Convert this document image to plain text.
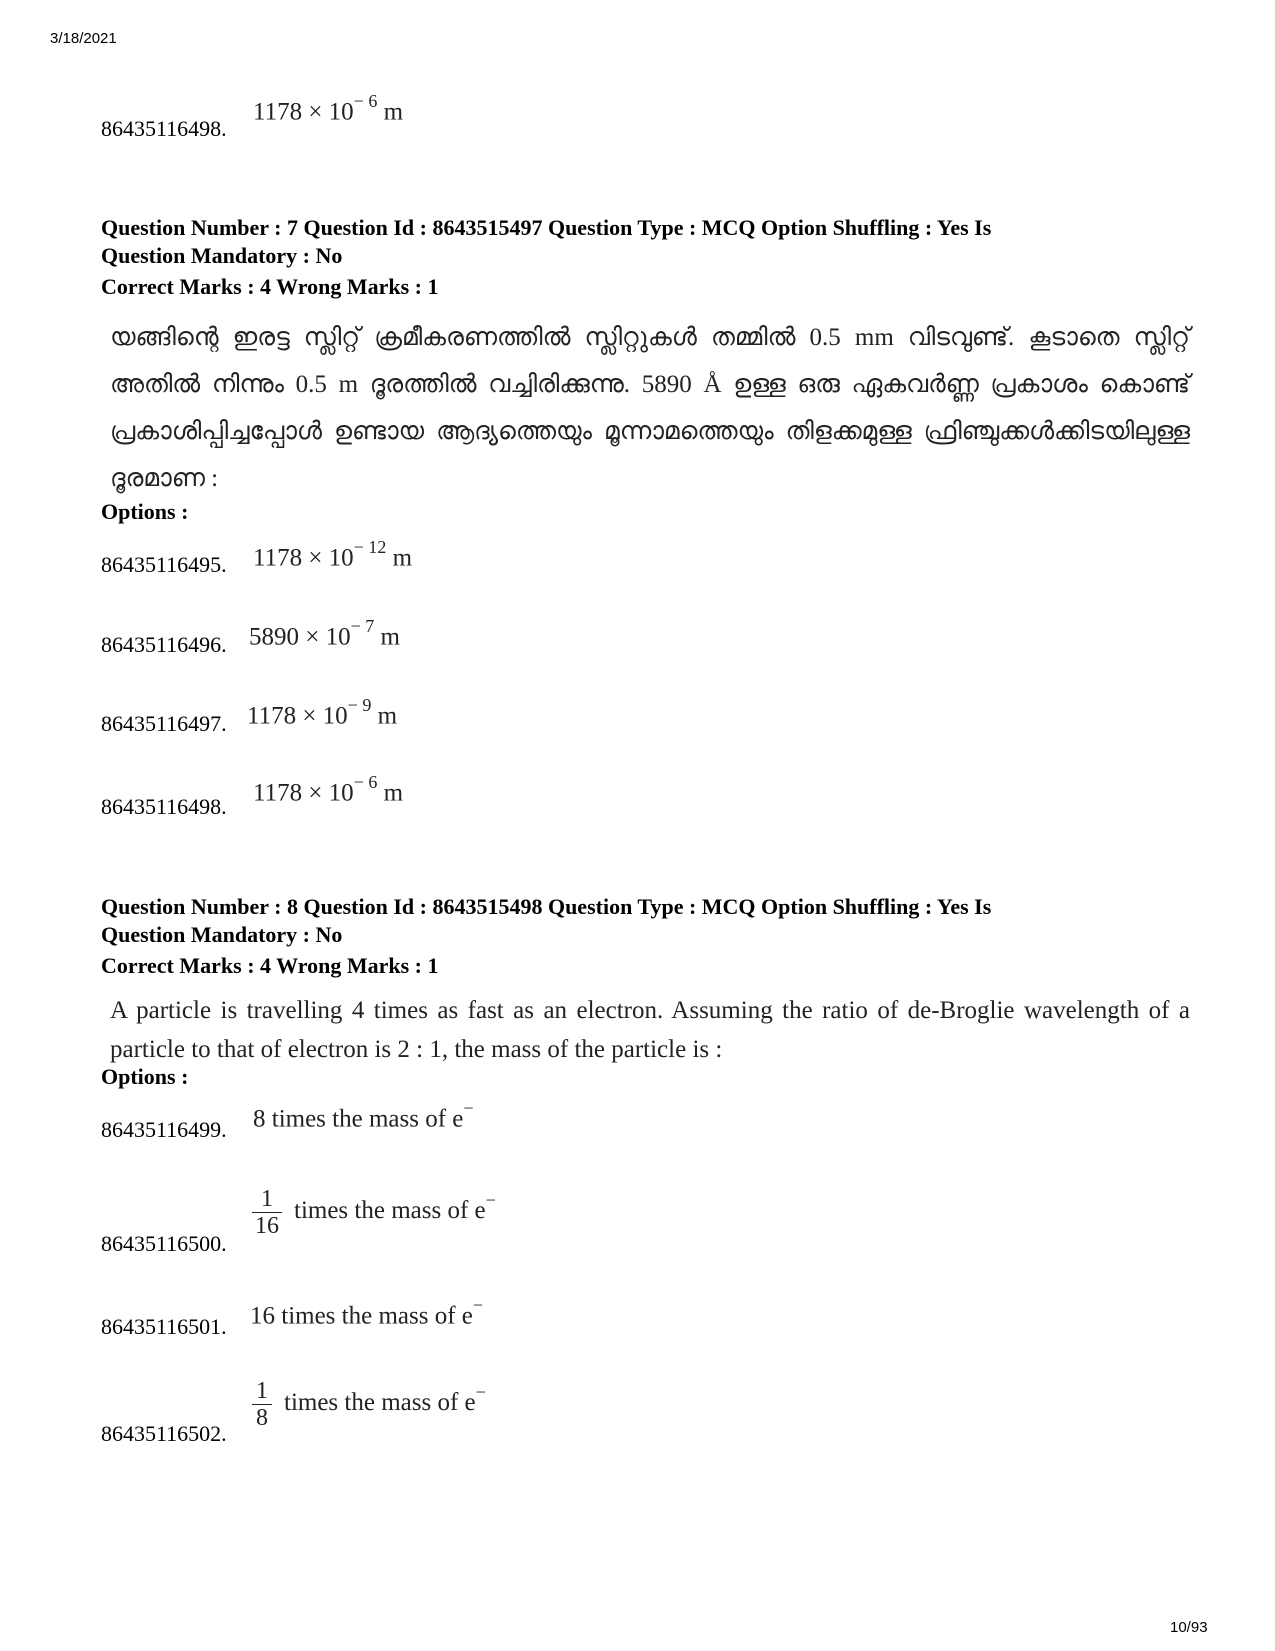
3/18/2021
86435116498.
$1178 \times 10^{- 6}$ m
Question Number : 7 Question Id : 8643515497 Question Type : MCQ Option Shuffling : Yes Is
Question Mandatory : No
Correct Marks : 4 Wrong Marks : 1
യങ്ങിന്റെ ഇരട്ട സ്ലിറ്റ് ക്രമീകരണത്തിൽ സ്ലിറ്റുകൾ തമ്മിൽ 0.5 mm വിടവുണ്ട്. കൂടാതെ സ്ലിറ്റ് അതിൽ നിന്നും 0.5 m ദൂരത്തിൽ വച്ചിരിക്കുന്നു. 5890 Å ഉള്ള ഒരു ഏകവർണ്ണ പ്രകാശം കൊണ്ട് പ്രകാശിപ്പിച്ചപ്പോൾ ഉണ്ടായ ആദ്യത്തെയും മൂന്നാമത്തെയും തിളക്കമുള്ള ഫ്രിഞ്ചുക്കൾക്കിടയിലുള്ള ദൂരമാണ :
Options :
86435116495. $1178 \times 10^{- 12}$ m
86435116496. $5890 \times 10^{- 7}$ m
86435116497. $1178 \times 10^{- 9}$ m
86435116498.
$1178 \times 10^{- 6}$ m
Question Number : 8 Question Id : 8643515498 Question Type : MCQ Option Shuffling : Yes Is
Question Mandatory : No
Correct Marks : 4 Wrong Marks : 1
A particle is travelling 4 times as fast as an electron. Assuming the ratio of de-Broglie wavelength of a particle to that of electron is 2 : 1, the mass of the particle is :
Options :
86435116499. 8 times the mass of e−
86435116500.
$\frac{1}{16}$ times the mass of e−
86435116501. 16 times the mass of e−
86435116502.
$\frac{1}{8}$ times the mass of e−
10/93
